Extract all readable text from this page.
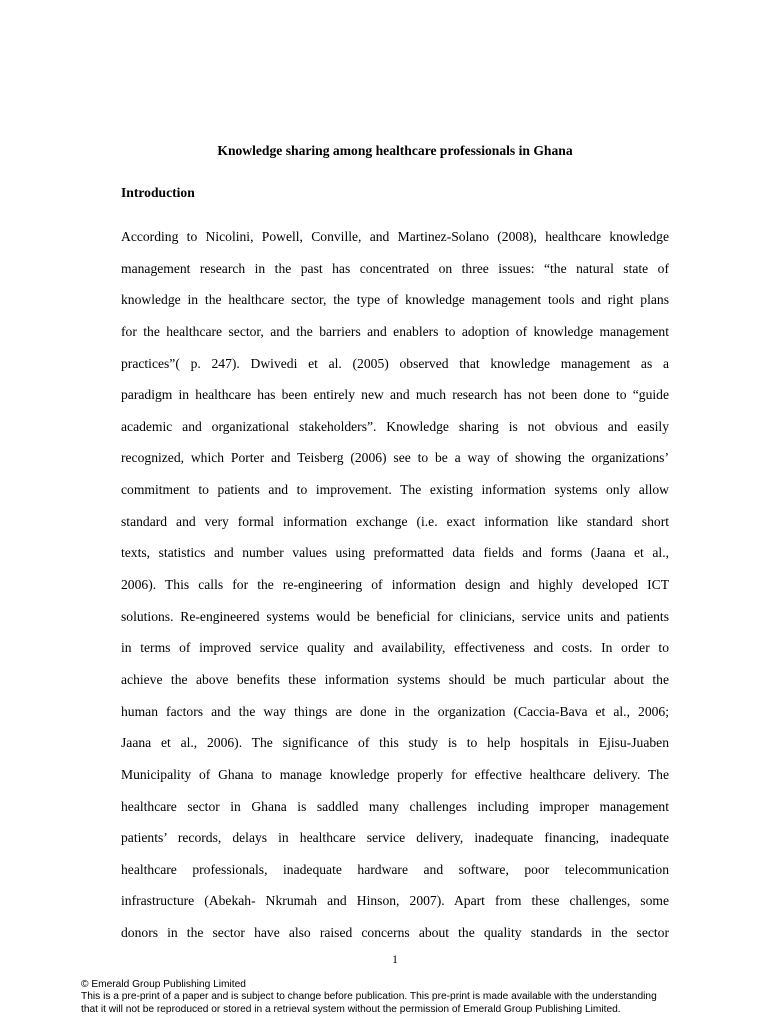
Knowledge sharing among healthcare professionals in Ghana
Introduction
According to Nicolini, Powell, Conville, and Martinez-Solano (2008), healthcare knowledge
management research in the past has concentrated on three issues: “the natural state of
knowledge in the healthcare sector, the type of knowledge management tools and right plans
for the healthcare sector, and the barriers and enablers to adoption of knowledge management
practices”( p. 247). Dwivedi et al. (2005) observed that knowledge management as a
paradigm in healthcare has been entirely new and much research has not been done to “guide
academic and organizational stakeholders”. Knowledge sharing is not obvious and easily
recognized, which Porter and Teisberg (2006) see to be a way of showing the organizations’
commitment to patients and to improvement. The existing information systems only allow
standard and very formal information exchange (i.e. exact information like standard short
texts, statistics and number values using preformatted data fields and forms (Jaana et al.,
2006). This calls for the re-engineering of information design and highly developed ICT
solutions. Re-engineered systems would be beneficial for clinicians, service units and patients
in terms of improved service quality and availability, effectiveness and costs. In order to
achieve the above benefits these information systems should be much particular about the
human factors and the way things are done in the organization (Caccia-Bava et al., 2006;
Jaana et al., 2006). The significance of this study is to help hospitals in Ejisu-Juaben
Municipality of Ghana to manage knowledge properly for effective healthcare delivery. The
healthcare sector in Ghana is saddled many challenges including improper management
patients’ records, delays in healthcare service delivery, inadequate financing, inadequate
healthcare professionals, inadequate hardware and software, poor telecommunication
infrastructure (Abekah- Nkrumah and Hinson, 2007). Apart from these challenges, some
donors in the sector have also raised concerns about the quality standards in the sector
1
© Emerald Group Publishing Limited
This is a pre-print of a paper and is subject to change before publication. This pre-print is made available with the understanding
that it will not be reproduced or stored in a retrieval system without the permission of Emerald Group Publishing Limited.
